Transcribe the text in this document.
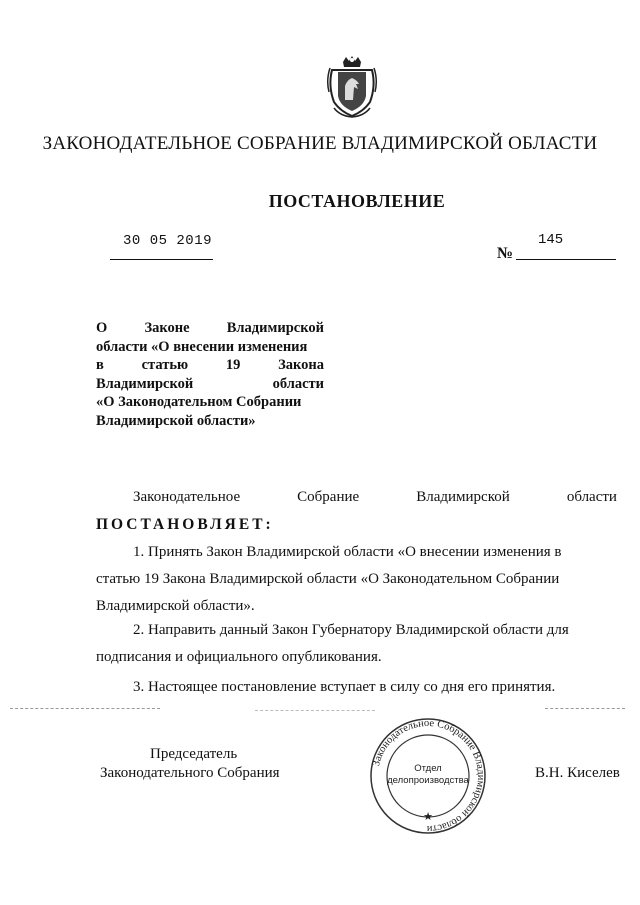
ЗАКОНОДАТЕЛЬНОЕ СОБРАНИЕ ВЛАДИМИРСКОЙ ОБЛАСТИ
ПОСТАНОВЛЕНИЕ
30 05 2019	145
№
О	Законе	Владимирской
области «О внесении изменения
в	статью	19	Закона
Владимирской	области
«О Законодательном Собрании
Владимирской области»
Законодательное	Собрание	Владимирской	области
ПОСТАНОВЛЯЕТ:
1. Принять Закон Владимирской области «О внесении изменения в
статью 19 Закона Владимирской области «О Законодательном Собрании
Владимирской области».
2. Направить данный Закон Губернатору Владимирской области для
подписания и официального опубликования.
3. Настоящее постановление вступает в силу со дня его принятия.
Председатель
Законодательного Собрания
Законодательное Собрание Владимирской области
★
Отдел
делопроизводства	В.Н. Киселев
